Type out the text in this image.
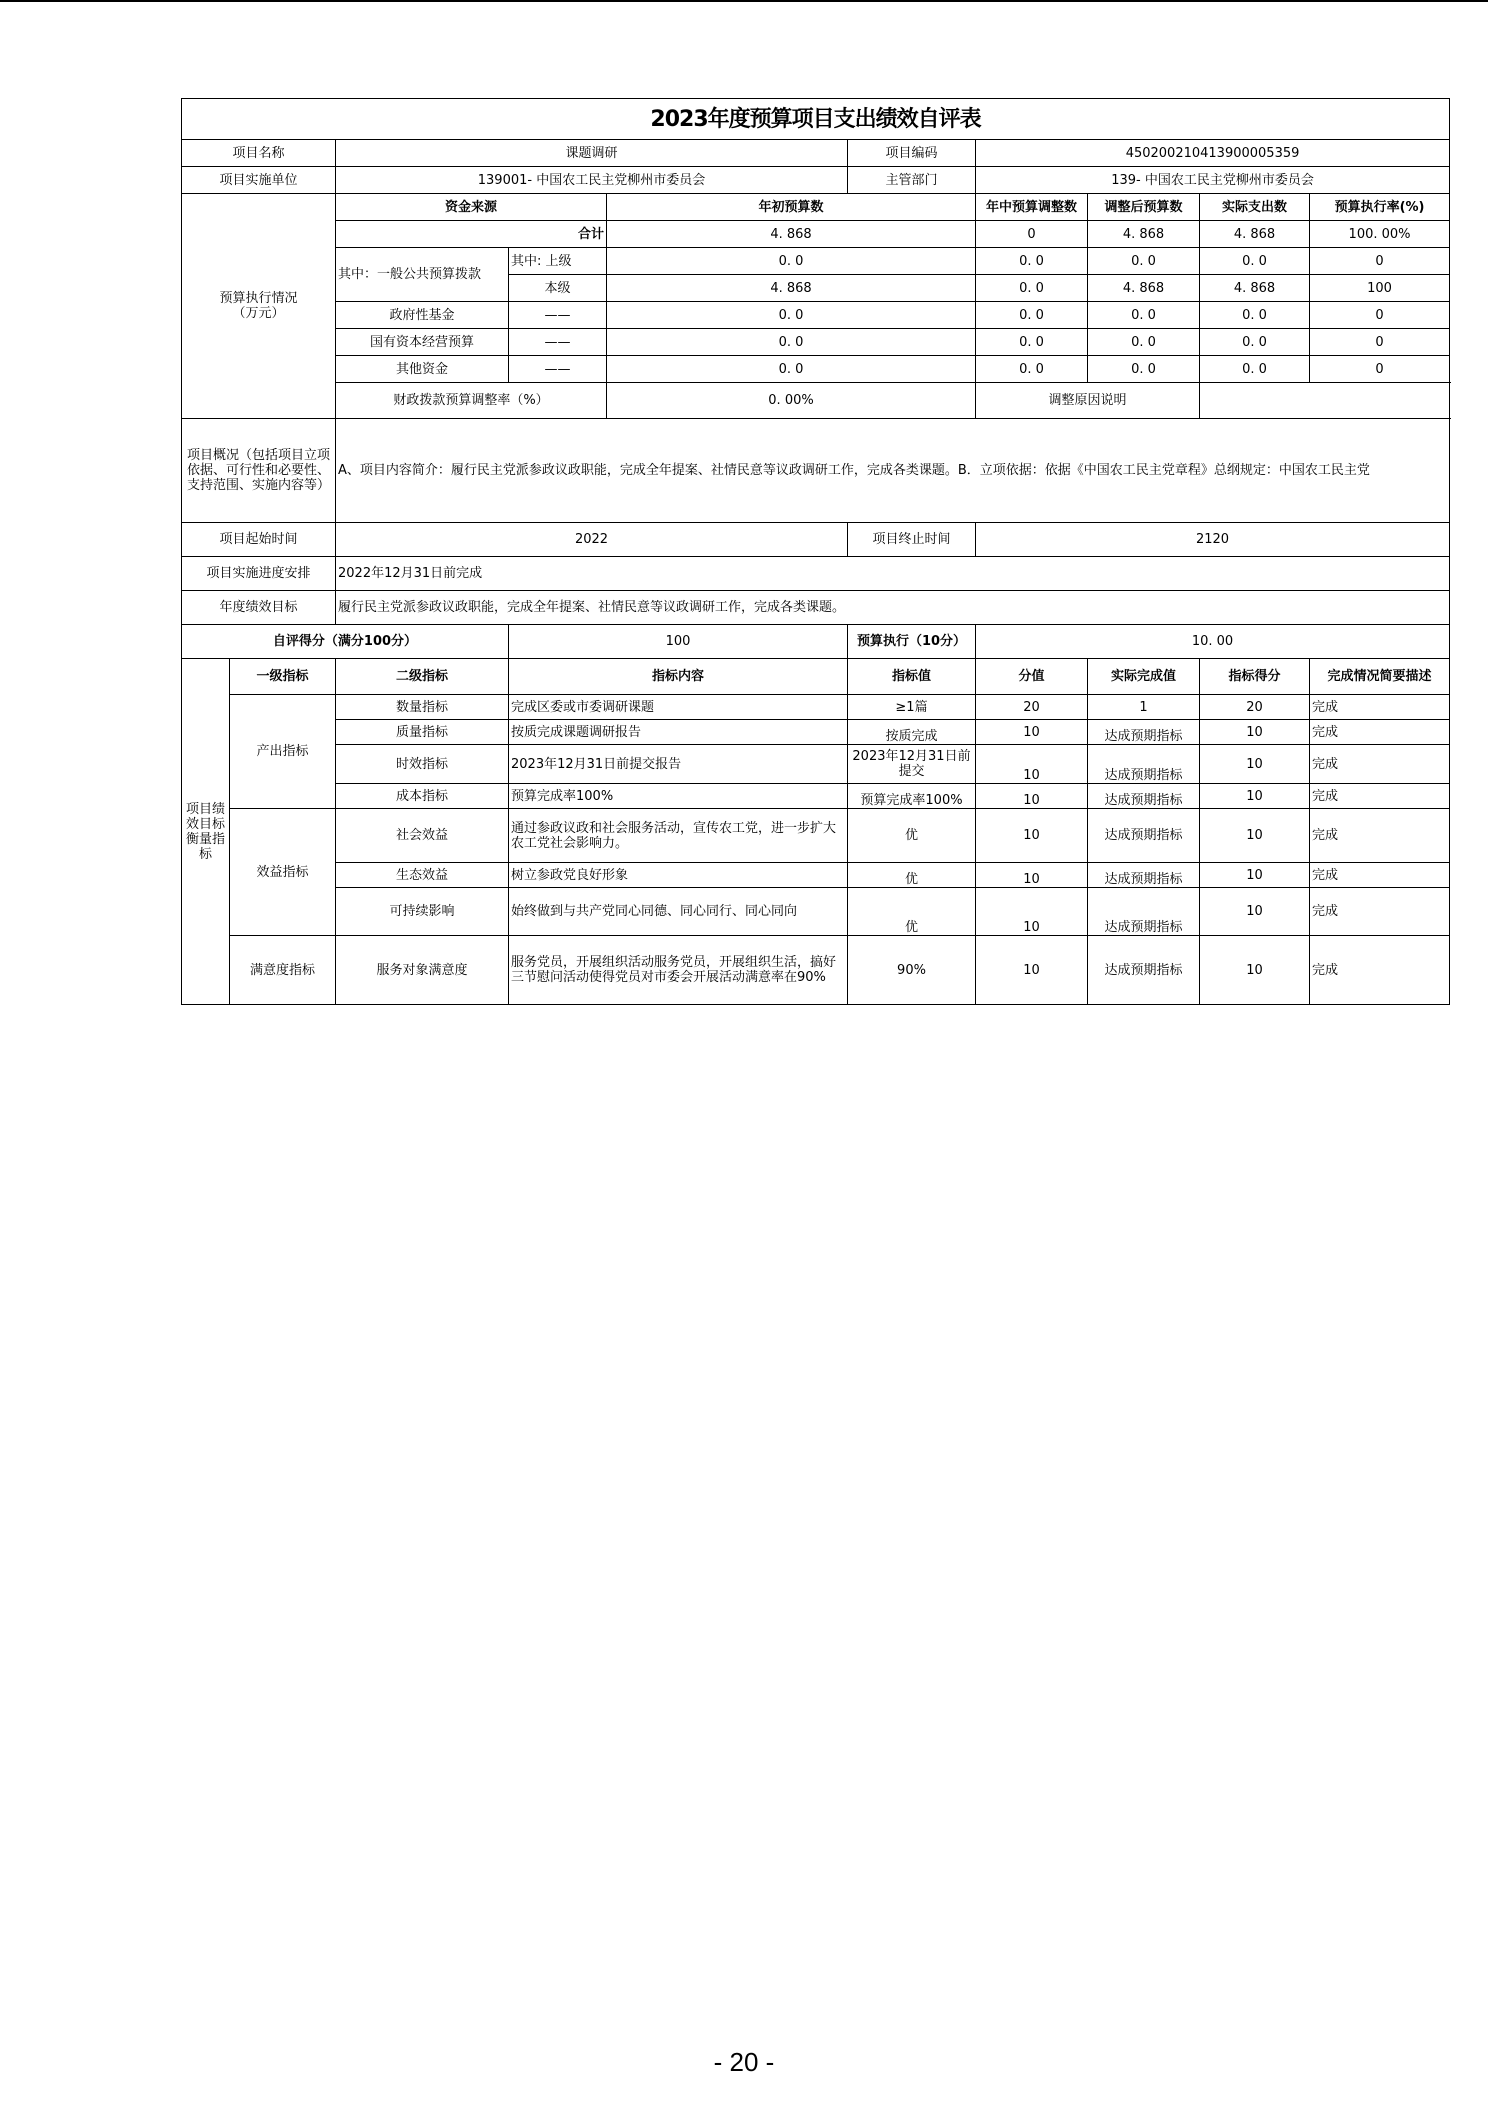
2023年度预算项目支出绩效自评表										
项目名称		课题调研			项目编码	450200210413900005359				
项目实施单位		139001- 中国农工民主党柳州市委员会			主管部门	139- 中国农工民主党柳州市委员会				
预算执行情况
（万元）		资金来源		年初预算数		年中预算调整数	调整后预算数	实际支出数	预算执行率(%)	
		合计		4. 868		0	4. 868	4. 868	100. 00%	
		其中：一般公共预算拨款	其中: 上级	0. 0		0. 0	0. 0	0. 0	0	
			本级	4. 868		0. 0	4. 868	4. 868	100	
		政府性基金	——	0. 0		0. 0	0. 0	0. 0	0	
		国有资本经营预算	——	0. 0		0. 0	0. 0	0. 0	0	
		其他资金	——	0. 0		0. 0	0. 0	0. 0	0	
		财政拨款预算调整率（%）		0. 00%		调整原因说明				
项目概况（包括项目立项依据、可行性和必要性、支持范围、实施内容等）		A、项目内容简介：履行民主党派参政议政职能，完成全年提案、社情民意等议政调研工作，完成各类课题。B．立项依据：依据《中国农工民主党章程》总纲规定：中国农工民主党								
项目起始时间		2022			项目终止时间	2120				
项目实施进度安排		2022年12月31日前完成								
年度绩效目标		履行民主党派参政议政职能，完成全年提案、社情民意等议政调研工作，完成各类课题。								
自评得分（满分100分）			100		预算执行（10分）	10. 00				
项目绩效目标衡量指标	一级指标	二级指标	指标内容		指标值	分值	实际完成值	指标得分	完成情况简要描述	
	产出指标	数量指标	完成区委或市委调研课题		≥1篇	20	1	20	完成	
		质量指标	按质完成课题调研报告		按质完成	10	达成预期指标	10	完成	
		时效指标	2023年12月31日前提交报告		2023年12月31日前提交	10	达成预期指标	10	完成	
		成本指标	预算完成率100%		预算完成率100%	10	达成预期指标	10	完成	
	效益指标	社会效益	通过参政议政和社会服务活动，宣传农工党，进一步扩大农工党社会影响力。		优	10	达成预期指标	10	完成	
		生态效益	树立参政党良好形象		优	10	达成预期指标	10	完成	
		可持续影响	始终做到与共产党同心同德、同心同行、同心同向		优	10	达成预期指标	10	完成	
	满意度指标	服务对象满意度	服务党员，开展组织活动服务党员，开展组织生活，搞好三节慰问活动使得党员对市委会开展活动满意率在90%		90%	10	达成预期指标	10	完成	
- 20 -
